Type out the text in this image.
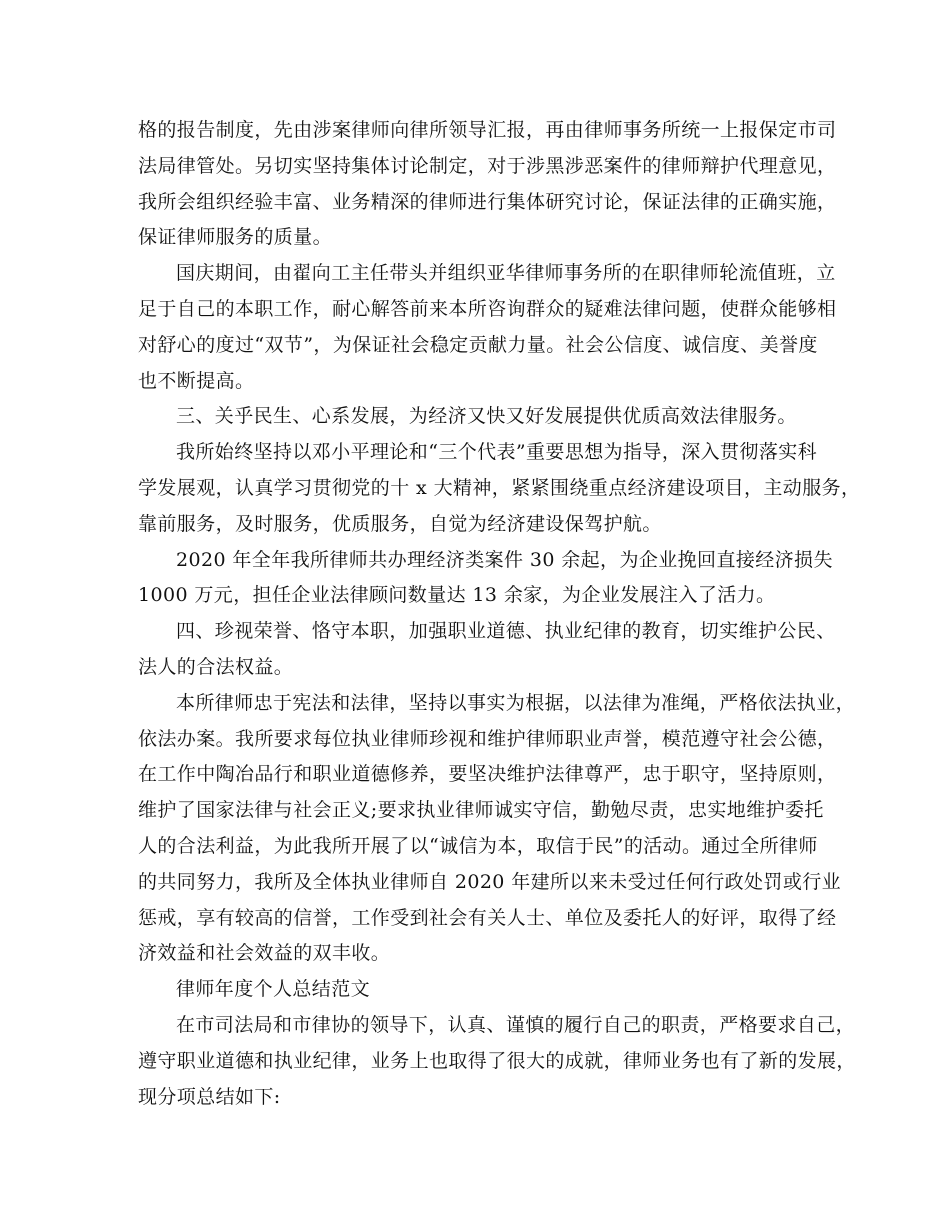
格的报告制度，先由涉案律师向律所领导汇报，再由律师事务所统一上报保定市司
法局律管处。另切实坚持集体讨论制定，对于涉黑涉恶案件的律师辩护代理意见，
我所会组织经验丰富、业务精深的律师进行集体研究讨论，保证法律的正确实施，
保证律师服务的质量。
国庆期间，由翟向工主任带头并组织亚华律师事务所的在职律师轮流值班，立
足于自己的本职工作，耐心解答前来本所咨询群众的疑难法律问题，使群众能够相
对舒心的度过“双节”，为保证社会稳定贡献力量。社会公信度、诚信度、美誉度
也不断提高。
三、关乎民生、心系发展，为经济又快又好发展提供优质高效法律服务。
我所始终坚持以邓小平理论和“三个代表”重要思想为指导，深入贯彻落实科
学发展观，认真学习贯彻党的十 x 大精神，紧紧围绕重点经济建设项目，主动服务，
靠前服务，及时服务，优质服务，自觉为经济建设保驾护航。
2020 年全年我所律师共办理经济类案件 30 余起，为企业挽回直接经济损失
1000 万元，担任企业法律顾问数量达 13 余家，为企业发展注入了活力。
四、珍视荣誉、恪守本职，加强职业道德、执业纪律的教育，切实维护公民、
法人的合法权益。
本所律师忠于宪法和法律，坚持以事实为根据，以法律为准绳，严格依法执业，
依法办案。我所要求每位执业律师珍视和维护律师职业声誉，模范遵守社会公德，
在工作中陶冶品行和职业道德修养，要坚决维护法律尊严，忠于职守，坚持原则，
维护了国家法律与社会正义;要求执业律师诚实守信，勤勉尽责，忠实地维护委托
人的合法利益，为此我所开展了以“诚信为本，取信于民”的活动。通过全所律师
的共同努力，我所及全体执业律师自 2020 年建所以来未受过任何行政处罚或行业
惩戒，享有较高的信誉，工作受到社会有关人士、单位及委托人的好评，取得了经
济效益和社会效益的双丰收。
律师年度个人总结范文
在市司法局和市律协的领导下，认真、谨慎的履行自己的职责，严格要求自己，
遵守职业道德和执业纪律，业务上也取得了很大的成就，律师业务也有了新的发展，
现分项总结如下:
